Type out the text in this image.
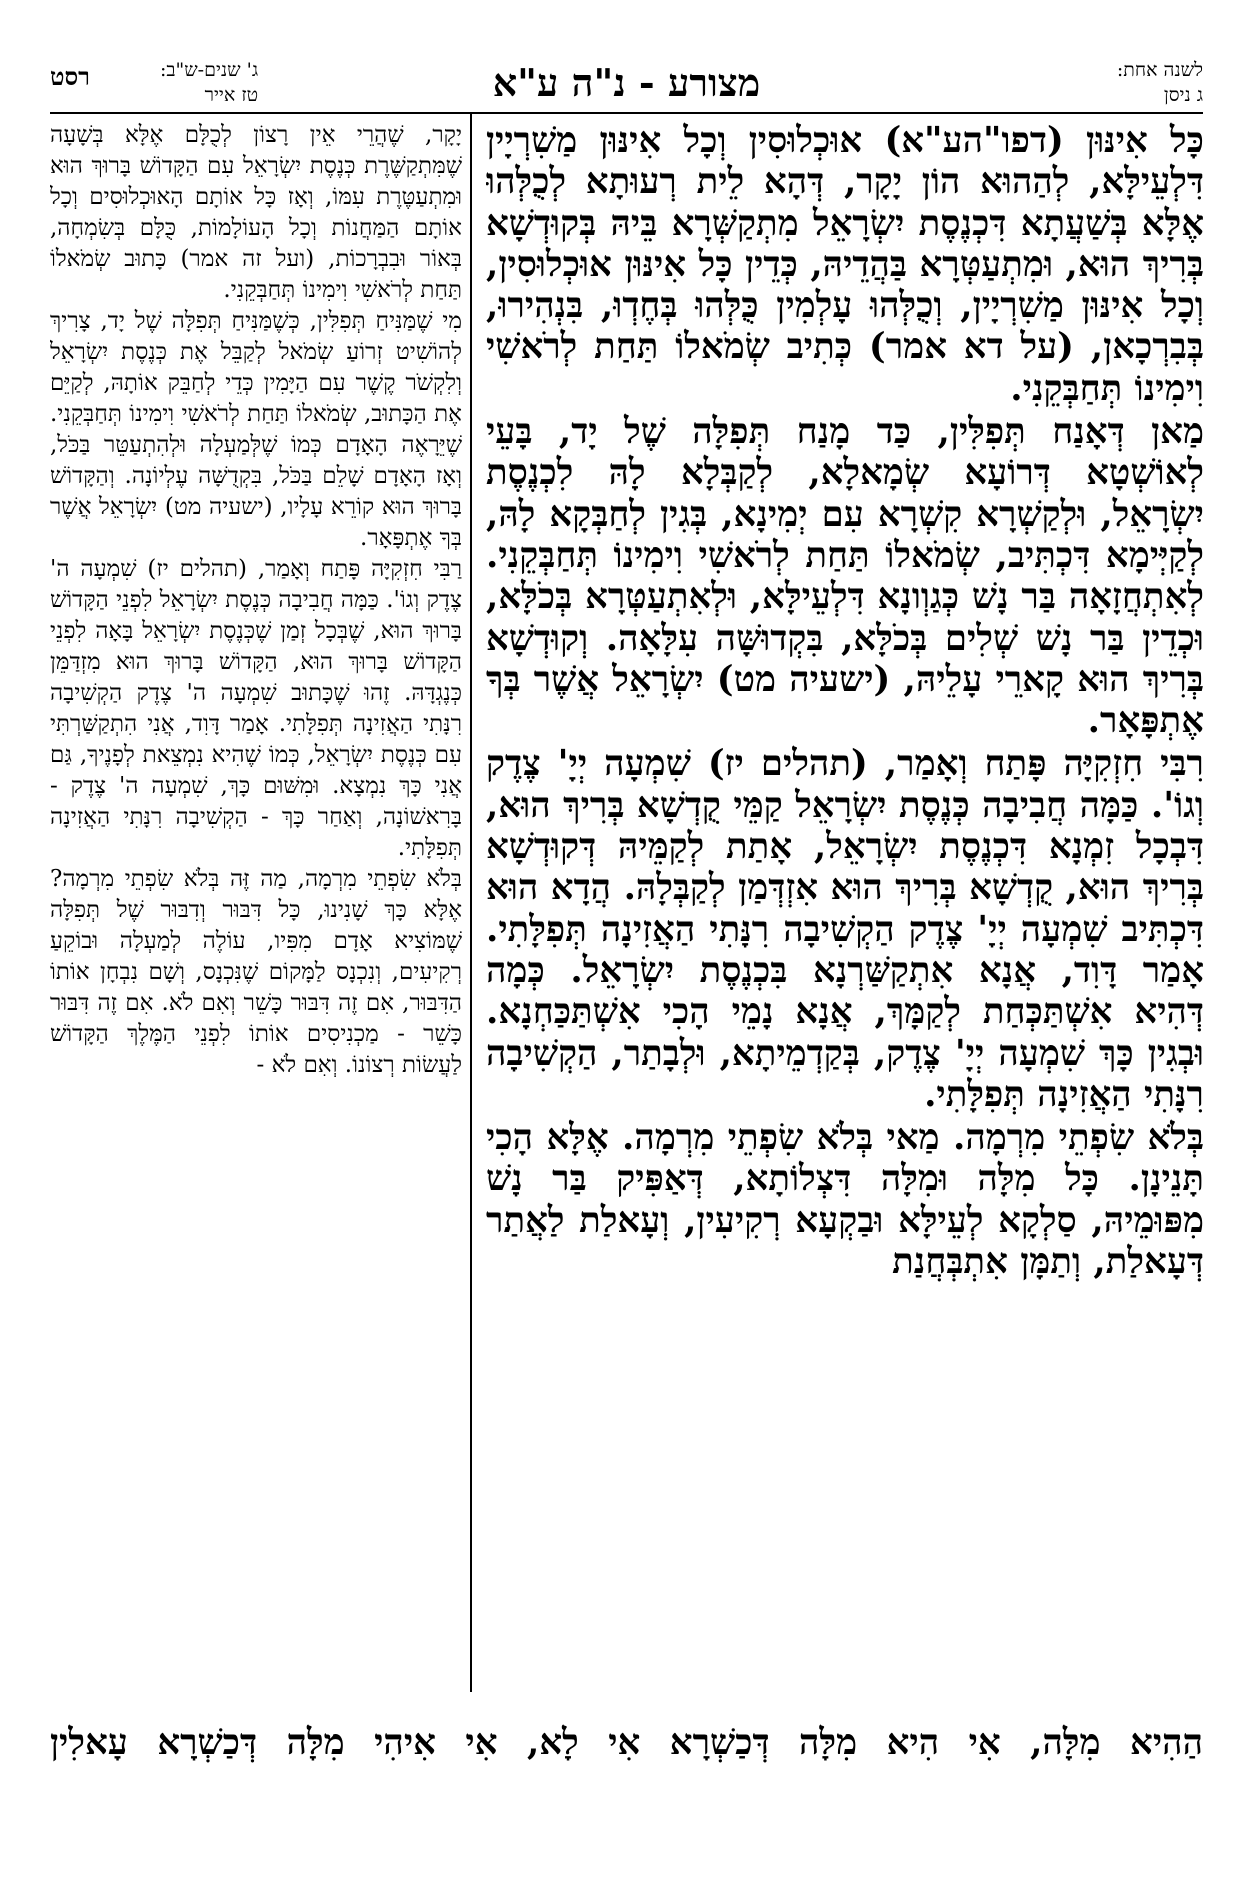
לשנה אחת:
ג ניסן
מצורע - נ"ה ע"א
ג' שנים-ש"ב:
טז אייר
רסט

כָּל אִינּוּן (דפו"הע"א) אוּכְלוּסִין וְכָל אִינּוּן מַשִׁרְיָין דִּלְעֵילָּא, לְהַהוּא הוֹן יָקָר, דְּהָא לֵית רְעוּתָא לְכֻלְּהוּ אֶלָּא בְּשַׁעֲתָא דִּכְנֶסֶת יִשְׂרָאֵל מִתְקַשְּׁרָא בֵּיהּ בְּקוּדְשָׁא בְּרִיךְ הוּא, וּמִתְעַטְּרָא בַּהֲדֵיהּ, כְּדֵין כָּל אִינּוּן אוּכְלוּסִין, וְכָל אִינּוּן מַשִׁרְיָין, וְכֻלְּהוּ עָלְמִין כֻּלְּהוּ בְּחֶדְוּ, בִּנְהִירוּ, בְּבִרְכָאן, (על דא אמר) כְּתִיב שְׂמֹאלוֹ תַּחַת לְרֹאשִׁי וִימִינוֹ תְּחַבְּקֵנִי.

מַאן דְּאָנַח תְּפִלִּין, כַּד מָנַח תְּפִלָּה שֶׁל יָד, בָּעֵי לְאוֹשְׁטָא דְּרוֹעָא שְׂמָאלָא, לְקַבְּלָא לָהּ לִכְנֶסֶת יִשְׂרָאֵל, וּלְקַשְׁרָא קִשְׁרָא עִם יְמִינָא, בְּגִין לְחַבְּקָא לָהּ, לְקַיְּימָא דִּכְתִּיב, שְׂמֹאלוֹ תַּחַת לְרֹאשִׁי וִימִינוֹ תְּחַבְּקֵנִי. לְאִתְחֲזָאָה בַּר נָשׁ כְּגַוְונָא דִּלְעֵילָּא, וּלְאִתְעַטְּרָא בְּכֹלָּא, וּכְדֵין בַּר נָשׁ שְׁלִים בְּכֹלָּא, בִּקְדוּשָּׁה עִלָּאָה. וְקוּדְשָׁא בְּרִיךְ הוּא קָארֵי עָלֵיהּ, (ישעיה מט) יִשְׂרָאֵל אֲשֶׁר בְּךָ אֶתְפָּאָר.

רִבִּי חִזְקִיָּה פָּתַח וְאָמַר, (תהלים יז) שִׁמְעָה יְיָ' צֶדֶק וְגוֹ'. כַּמָּה חֲבִיבָה כְּנֶסֶת יִשְׂרָאֵל קַמֵּי קֻדְשָׁא בְּרִיךְ הוּא, דִּבְכָל זִמְנָא דִּכְנֶסֶת יִשְׂרָאֵל, אָתַת לְקַמֵּיהּ דְּקוּדְשָׁא בְּרִיךְ הוּא, קֻדְשָׁא בְּרִיךְ הוּא אִזְדְּמַן לְקַבְּלָהּ. הֲדָא הוּא דִּכְתִּיב שִׁמְעָה יְיָ' צֶדֶק הַקְשִׁיבָה רִנָּתִי הַאֲזִינָה תְּפִלָּתִי. אָמַר דָּוִד, אֲנָא אִתְקַשַּׁרְנָא בִּכְנֶסֶת יִשְׂרָאֵל. כְּמָה דְּהִיא אִשְׁתַּכְּחַת לְקַמָּךְ, אֲנָא נָמֵי הָכִי אִשְׁתַּכַּחְנָא. וּבְגִין כָּךְ שִׁמְעָה יְיָ' צֶדֶק, בְּקַדְמֵיתָא, וּלְבָתַר, הַקְשִׁיבָה רִנָּתִי הַאֲזִינָה תְּפִלָּתִי.

בְּלֹא שִׂפְתֵי מִרְמָה. מַאי בְּלֹא שִׂפְתֵי מִרְמָה. אֶלָּא הָכִי תָּנֵינָן. כָּל מִלָּה וּמִלָּה דִּצְלוֹתָא, דְּאַפִּיק בַּר נָשׁ מִפּוּמֵיהּ, סַלְקָא לְעֵילָּא וּבַקְעָא רְקִיעִין, וְעָאלַת לַאֲתַר דְּעָאלַת, וְתַמָּן אִתְבְּחֲנַת

יָקָר, שֶׁהֲרֵי אֵין רָצוֹן לְכֻלָּם אֶלָּא בְּשָׁעָה שֶׁמִּתְקַשֶּׁרֶת כְּנֶסֶת יִשְׂרָאֵל עִם הַקָּדוֹשׁ בָּרוּךְ הוּא וּמִתְעַטֶּרֶת עִמּוֹ, וְאָז כָּל אוֹתָם הָאוּכְלוּסִים וְכָל אוֹתָם הַמַּחֲנוֹת וְכָל הָעוֹלָמוֹת, כֻּלָּם בְּשִׂמְחָה, בְּאוֹר וּבִבְרָכוֹת, (ועל זה אמר) כָּתוּב שְׂמֹאלוֹ תַּחַת לְרֹאשִׁי וִימִינוֹ תְּחַבְּקֵנִי.

מִי שֶׁמַּנִּיחַ תְּפִלִּין, כְּשֶׁמַּנִּיחַ תְּפִלָּה שֶׁל יָד, צָרִיךְ לְהוֹשִׁיט זְרוֹעַ שְׂמֹאל לְקַבֵּל אֶת כְּנֶסֶת יִשְׂרָאֵל וְלִקְשֹׁר קֶשֶׁר עִם הַיָּמִין כְּדֵי לְחַבֵּק אוֹתָהּ, לְקַיֵּם אֶת הַכָּתוּב, שְׂמֹאלוֹ תַּחַת לְרֹאשִׁי וִימִינוֹ תְּחַבְּקֵנִי. שֶׁיֵּרָאֶה הָאָדָם כְּמוֹ שֶׁלְּמַעְלָה וּלְהִתְעַטֵּר בַּכֹּל, וְאָז הָאָדָם שָׁלֵם בַּכֹּל, בִּקְדֻשָּׁה עֶלְיוֹנָה. וְהַקָּדוֹשׁ בָּרוּךְ הוּא קוֹרֵא עָלָיו, (ישעיה מט) יִשְׂרָאֵל אֲשֶׁר בְּךָ אֶתְפָּאָר.

רַבִּי חִזְקִיָּה פָּתַח וְאָמַר, (תהלים יז) שִׁמְעָה ה' צֶדֶק וְגוֹ'. כַּמָּה חֲבִיבָה כְּנֶסֶת יִשְׂרָאֵל לִפְנֵי הַקָּדוֹשׁ בָּרוּךְ הוּא, שֶׁבְּכָל זְמַן שֶׁכְּנֶסֶת יִשְׂרָאֵל בָּאָה לִפְנֵי הַקָּדוֹשׁ בָּרוּךְ הוּא, הַקָּדוֹשׁ בָּרוּךְ הוּא מִזְדַּמֵּן כְּנֶגְדָּהּ. זֶהוּ שֶׁכָּתוּב שִׁמְעָה ה' צֶדֶק הַקְשִׁיבָה רִנָּתִי הַאֲזִינָה תְּפִלָּתִי. אָמַר דָּוִד, אֲנִי הִתְקַשַּׁרְתִּי עִם כְּנֶסֶת יִשְׂרָאֵל, כְּמוֹ שֶׁהִיא נִמְצֵאת לְפָנֶיךָ, גַּם אֲנִי כָּךְ נִמְצָא. וּמִשּׁוּם כָּךְ, שִׁמְעָה ה' צֶדֶק - בָּרִאשׁוֹנָה, וְאַחַר כָּךְ - הַקְשִׁיבָה רִנָּתִי הַאֲזִינָה תְּפִלָּתִי.

בְּלֹא שִׂפְתֵי מִרְמָה, מַה זֶּה בְּלֹא שִׂפְתֵי מִרְמָה? אֶלָּא כָּךְ שָׁנִינוּ, כָּל דִּבּוּר וְדִבּוּר שֶׁל תְּפִלָּה שֶׁמּוֹצִיא אָדָם מִפִּיו, עוֹלֶה לְמַעְלָה וּבוֹקֵעַ רְקִיעִים, וְנִכְנָס לַמָּקוֹם שֶׁנִּכְנָס, וְשָׁם נִבְחָן אוֹתוֹ הַדִּבּוּר, אִם זֶה דִּבּוּר כָּשֵׁר וְאִם לֹא. אִם זֶה דִּבּוּר כָּשֵׁר - מַכְנִיסִים אוֹתוֹ לִפְנֵי הַמֶּלֶךְ הַקָּדוֹשׁ לַעֲשׂוֹת רְצוֹנוֹ. וְאִם לֹא -

הַהִיא מִלָּה, אִי הִיא מִלָּה דְּכַשְׁרָא אִי לָא, אִי אִיהִי מִלָּה דְּכַשְׁרָא עָאלִין
